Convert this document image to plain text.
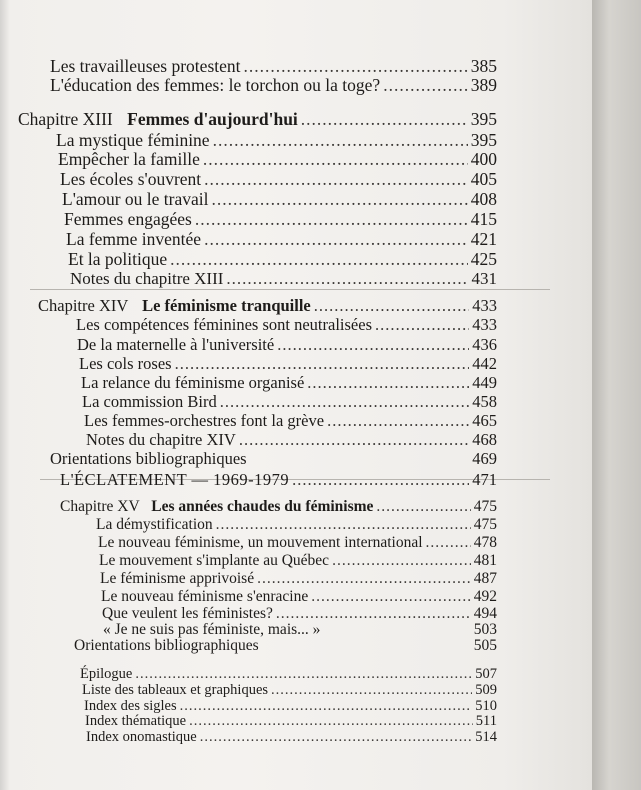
Les travailleuses protestent .....	385
L'éducation des femmes: le torchon ou la toge? .....	389
Chapitre XIII Femmes d'aujourd'hui .....	395
La mystique féminine .....	395
Empêcher la famille .....	400
Les écoles s'ouvrent .....	405
L'amour ou le travail .....	408
Femmes engagées .....	415
La femme inventée .....	421
Et la politique .....	425
Notes du chapitre XIII .....	431
Chapitre XIV Le féminisme tranquille .....	433
Les compétences féminines sont neutralisées .....	433
De la maternelle à l'université .....	436
Les cols roses .....	442
La relance du féminisme organisé .....	449
La commission Bird .....	458
Les femmes-orchestres font la grève .....	465
Notes du chapitre XIV .....	468
Orientations bibliographiques	469
L'ÉCLATEMENT — 1969-1979 .....	471
Chapitre XV Les années chaudes du féminisme .....	475
La démystification .....	475
Le nouveau féminisme, un mouvement international .....	478
Le mouvement s'implante au Québec .....	481
Le féminisme apprivoisé .....	487
Le nouveau féminisme s'enracine .....	492
Que veulent les féministes? .....	494
« Je ne suis pas féministe, mais... »	503
Orientations bibliographiques	505
Épilogue .....	507
Liste des tableaux et graphiques .....	509
Index des sigles .....	510
Index thématique .....	511
Index onomastique .....	514
